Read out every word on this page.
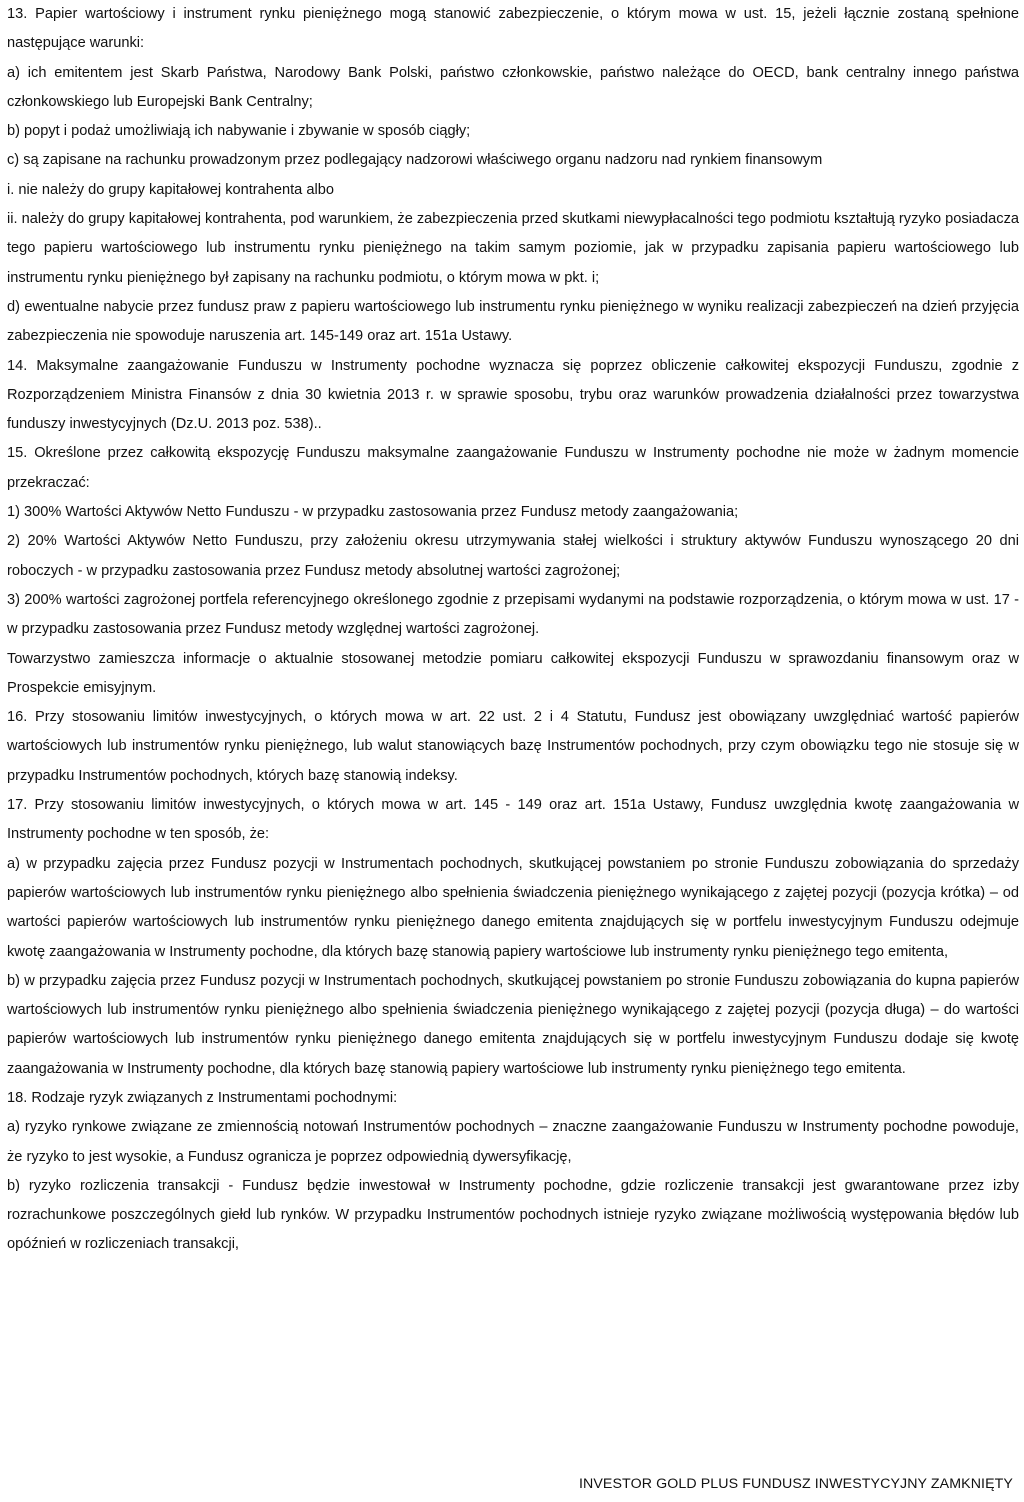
13. Papier wartościowy i instrument rynku pieniężnego mogą stanowić zabezpieczenie, o którym mowa w ust. 15, jeżeli łącznie zostaną spełnione następujące warunki:

a) ich emitentem jest Skarb Państwa, Narodowy Bank Polski, państwo członkowskie, państwo należące do OECD, bank centralny innego państwa członkowskiego lub Europejski Bank Centralny;

b) popyt i podaż umożliwiają ich nabywanie i zbywanie w sposób ciągły;

c) są zapisane na rachunku prowadzonym przez podlegający nadzorowi właściwego organu nadzoru nad rynkiem finansowym

i. nie należy do grupy kapitałowej kontrahenta albo

ii. należy do grupy kapitałowej kontrahenta, pod warunkiem, że zabezpieczenia przed skutkami niewypłacalności tego podmiotu kształtują ryzyko posiadacza tego papieru wartościowego lub instrumentu rynku pieniężnego na takim samym poziomie, jak w przypadku zapisania papieru wartościowego lub instrumentu rynku pieniężnego był zapisany na rachunku podmiotu, o którym mowa w pkt. i;

d) ewentualne nabycie przez fundusz praw z papieru wartościowego lub instrumentu rynku pieniężnego w wyniku realizacji zabezpieczeń na dzień przyjęcia zabezpieczenia nie spowoduje naruszenia art. 145-149 oraz art. 151a Ustawy.

14. Maksymalne zaangażowanie Funduszu w Instrumenty pochodne wyznacza się poprzez obliczenie całkowitej ekspozycji Funduszu, zgodnie z Rozporządzeniem Ministra Finansów z dnia 30 kwietnia 2013 r. w sprawie sposobu, trybu oraz warunków prowadzenia działalności przez towarzystwa funduszy inwestycyjnych (Dz.U. 2013 poz. 538)..

15. Określone przez całkowitą ekspozycję Funduszu maksymalne zaangażowanie Funduszu w Instrumenty pochodne nie może w żadnym momencie przekraczać:

1) 300% Wartości Aktywów Netto Funduszu - w przypadku zastosowania przez Fundusz metody zaangażowania;

2) 20% Wartości Aktywów Netto Funduszu, przy założeniu okresu utrzymywania stałej wielkości i struktury aktywów Funduszu wynoszącego 20 dni roboczych - w przypadku zastosowania przez Fundusz metody absolutnej wartości zagrożonej;

3) 200% wartości zagrożonej portfela referencyjnego określonego zgodnie z przepisami wydanymi na podstawie rozporządzenia, o którym mowa w ust. 17 - w przypadku zastosowania przez Fundusz metody względnej wartości zagrożonej.

Towarzystwo zamieszcza informacje o aktualnie stosowanej metodzie pomiaru całkowitej ekspozycji Funduszu w sprawozdaniu finansowym oraz w Prospekcie emisyjnym.

16. Przy stosowaniu limitów inwestycyjnych, o których mowa w art. 22 ust. 2 i 4 Statutu, Fundusz jest obowiązany uwzględniać wartość papierów wartościowych lub instrumentów rynku pieniężnego, lub walut stanowiących bazę Instrumentów pochodnych, przy czym obowiązku tego nie stosuje się w przypadku Instrumentów pochodnych, których bazę stanowią indeksy.

17. Przy stosowaniu limitów inwestycyjnych, o których mowa w art. 145 - 149 oraz art. 151a Ustawy, Fundusz uwzględnia kwotę zaangażowania w Instrumenty pochodne w ten sposób, że:

a) w przypadku zajęcia przez Fundusz pozycji w Instrumentach pochodnych, skutkującej powstaniem po stronie Funduszu zobowiązania do sprzedaży papierów wartościowych lub instrumentów rynku pieniężnego albo spełnienia świadczenia pieniężnego wynikającego z zajętej pozycji (pozycja krótka) – od wartości papierów wartościowych lub instrumentów rynku pieniężnego danego emitenta znajdujących się w portfelu inwestycyjnym Funduszu odejmuje kwotę zaangażowania w Instrumenty pochodne, dla których bazę stanowią papiery wartościowe lub instrumenty rynku pieniężnego tego emitenta,

b) w przypadku zajęcia przez Fundusz pozycji w Instrumentach pochodnych, skutkującej powstaniem po stronie Funduszu zobowiązania do kupna papierów wartościowych lub instrumentów rynku pieniężnego albo spełnienia świadczenia pieniężnego wynikającego z zajętej pozycji (pozycja długa) – do wartości papierów wartościowych lub instrumentów rynku pieniężnego danego emitenta znajdujących się w portfelu inwestycyjnym Funduszu dodaje się kwotę zaangażowania w Instrumenty pochodne, dla których bazę stanowią papiery wartościowe lub instrumenty rynku pieniężnego tego emitenta.

18. Rodzaje ryzyk związanych z Instrumentami pochodnymi:

a) ryzyko rynkowe związane ze zmiennością notowań Instrumentów pochodnych – znaczne zaangażowanie Funduszu w Instrumenty pochodne powoduje, że ryzyko to jest wysokie, a Fundusz ogranicza je poprzez odpowiednią dywersyfikację,

b) ryzyko rozliczenia transakcji - Fundusz będzie inwestował w Instrumenty pochodne, gdzie rozliczenie transakcji jest gwarantowane przez izby rozrachunkowe poszczególnych giełd lub rynków. W przypadku Instrumentów pochodnych istnieje ryzyko związane możliwością występowania błędów lub opóźnień w rozliczeniach transakcji,

INVESTOR GOLD PLUS FUNDUSZ INWESTYCYJNY ZAMKNIĘTY
